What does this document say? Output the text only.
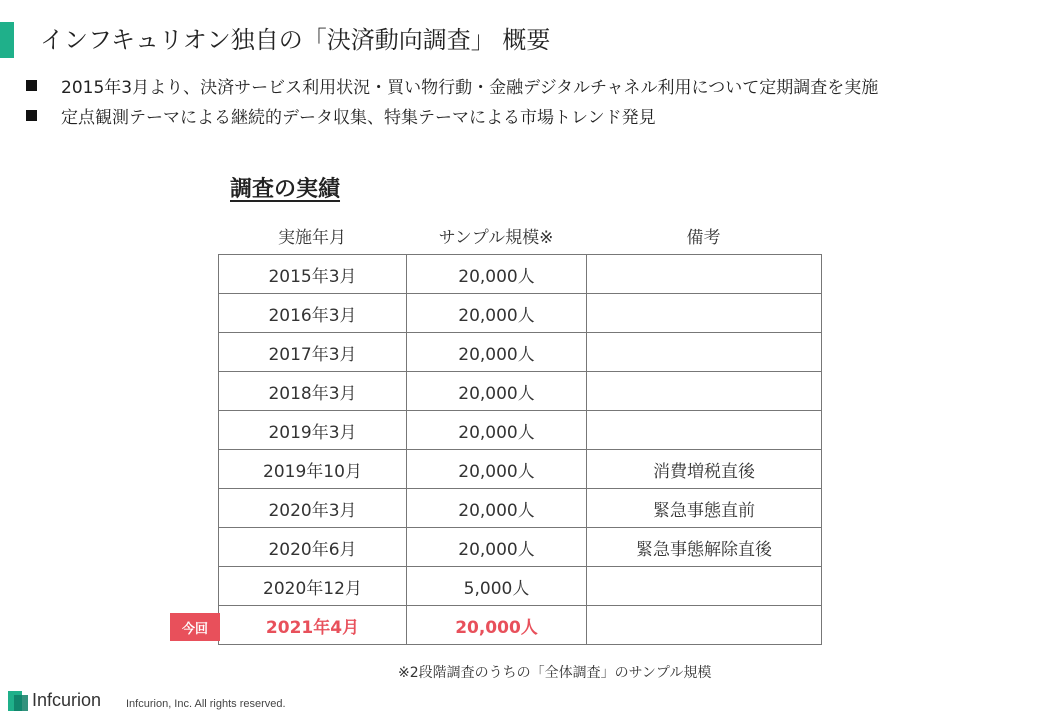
インフキュリオン独自の「決済動向調査」 概要
2015年3月より、決済サービス利用状況・買い物行動・金融デジタルチャネル利用について定期調査を実施
定点観測テーマによる継続的データ収集、特集テーマによる市場トレンド発見
調査の実績
実施年月	サンプル規模※	備考
2015年3月	20,000人	
2016年3月	20,000人	
2017年3月	20,000人	
2018年3月	20,000人	
2019年3月	20,000人	
2019年10月	20,000人	消費増税直後
2020年3月	20,000人	緊急事態直前
2020年6月	20,000人	緊急事態解除直後
2020年12月	5,000人	
2021年4月	20,000人	
今回
※2段階調査のうちの「全体調査」のサンプル規模
Infcurion Infcurion, Inc. All rights reserved.
